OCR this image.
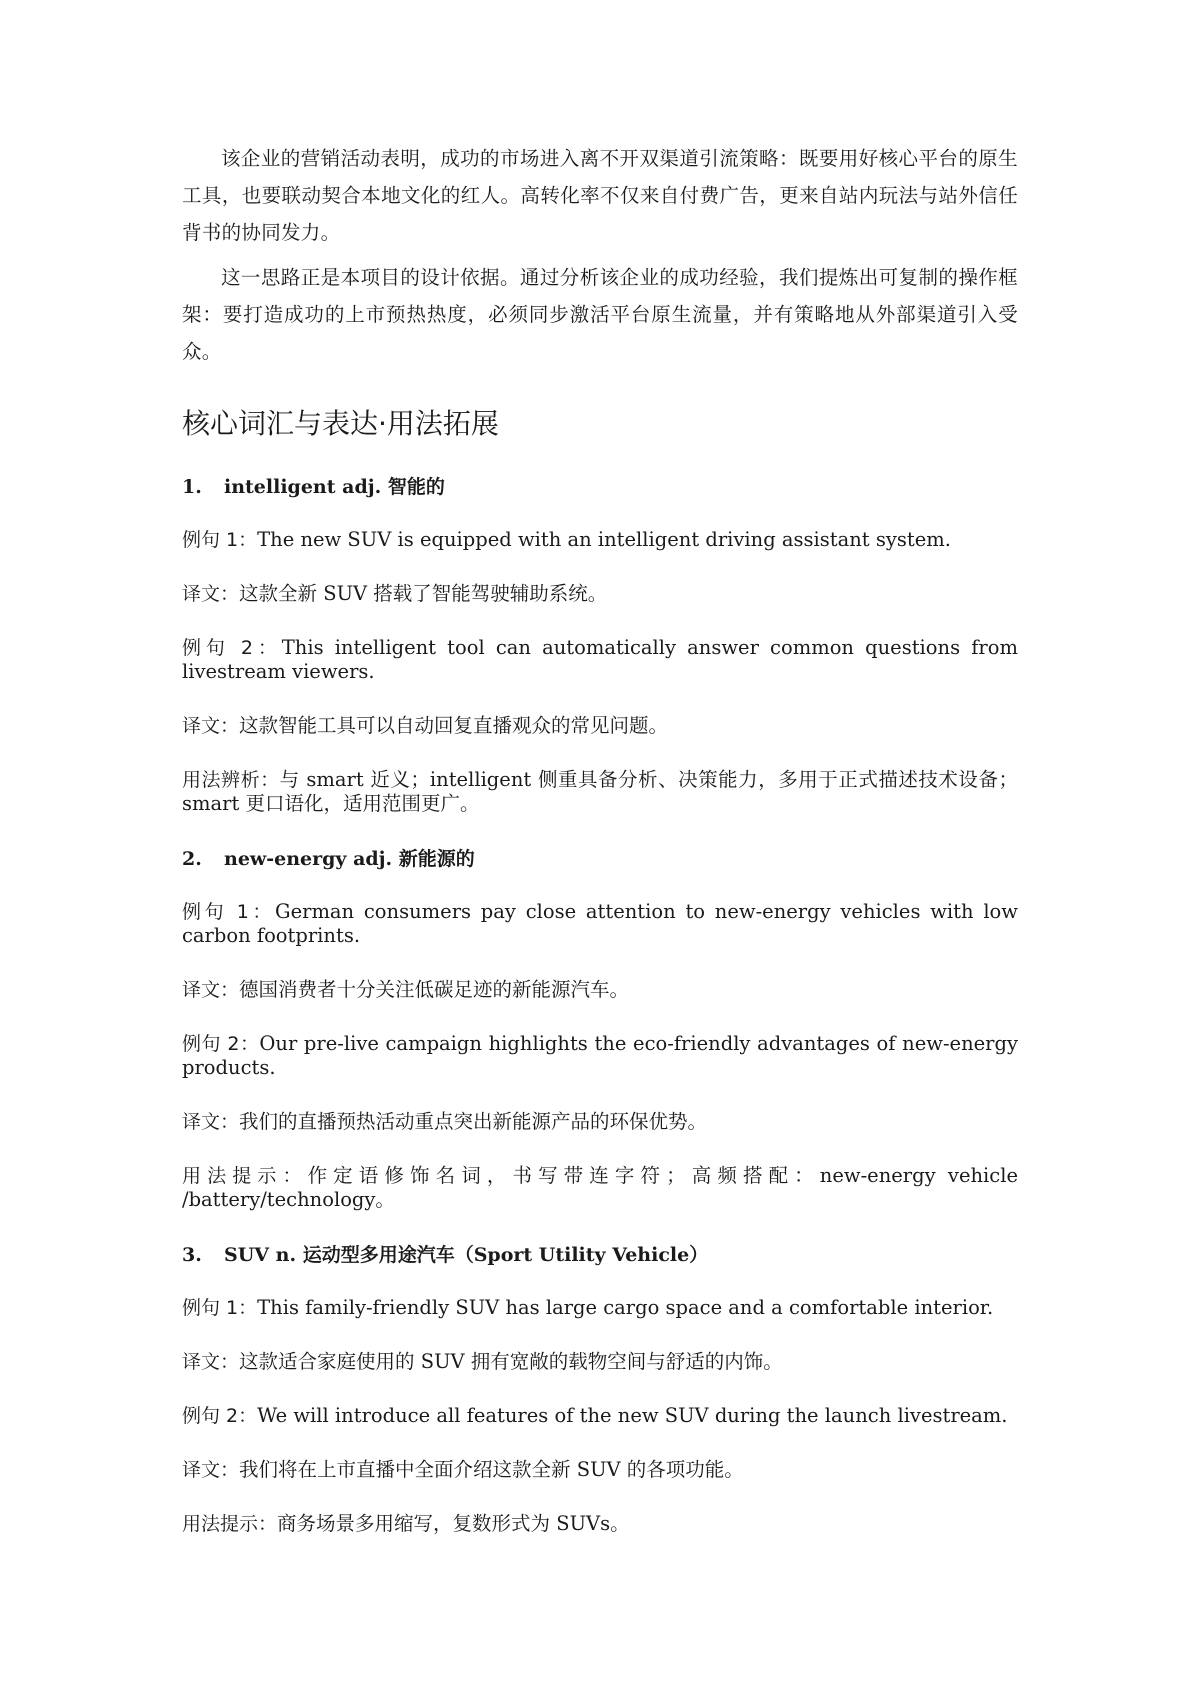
该企业的营销活动表明，成功的市场进入离不开双渠道引流策略：既要用好核心平台的原生工具，也要联动契合本地文化的红人。高转化率不仅来自付费广告，更来自站内玩法与站外信任背书的协同发力。

这一思路正是本项目的设计依据。通过分析该企业的成功经验，我们提炼出可复制的操作框架：要打造成功的上市预热热度，必须同步激活平台原生流量，并有策略地从外部渠道引入受众。

核心词汇与表达·用法拓展
1. intelligent adj. 智能的

例句 1：The new SUV is equipped with an intelligent driving assistant system.

译文：这款全新 SUV 搭载了智能驾驶辅助系统。

例句 2：This intelligent tool can automatically answer common questions from livestream viewers.

译文：这款智能工具可以自动回复直播观众的常见问题。

用法辨析：与 smart 近义；intelligent 侧重具备分析、决策能力，多用于正式描述技术设备；smart 更口语化，适用范围更广。

2. new-energy adj. 新能源的

例句 1：German consumers pay close attention to new-energy vehicles with low carbon footprints.

译文：德国消费者十分关注低碳足迹的新能源汽车。

例句 2：Our pre-live campaign highlights the eco-friendly advantages of new-energy products.

译文：我们的直播预热活动重点突出新能源产品的环保优势。

用法提示：作定语修饰名词，书写带连字符；高频搭配：new-energy vehicle /battery/technology。

3. SUV n. 运动型多用途汽车（Sport Utility Vehicle）

例句 1：This family-friendly SUV has large cargo space and a comfortable interior.

译文：这款适合家庭使用的 SUV 拥有宽敞的载物空间与舒适的内饰。

例句 2：We will introduce all features of the new SUV during the launch livestream.

译文：我们将在上市直播中全面介绍这款全新 SUV 的各项功能。

用法提示：商务场景多用缩写，复数形式为 SUVs。
